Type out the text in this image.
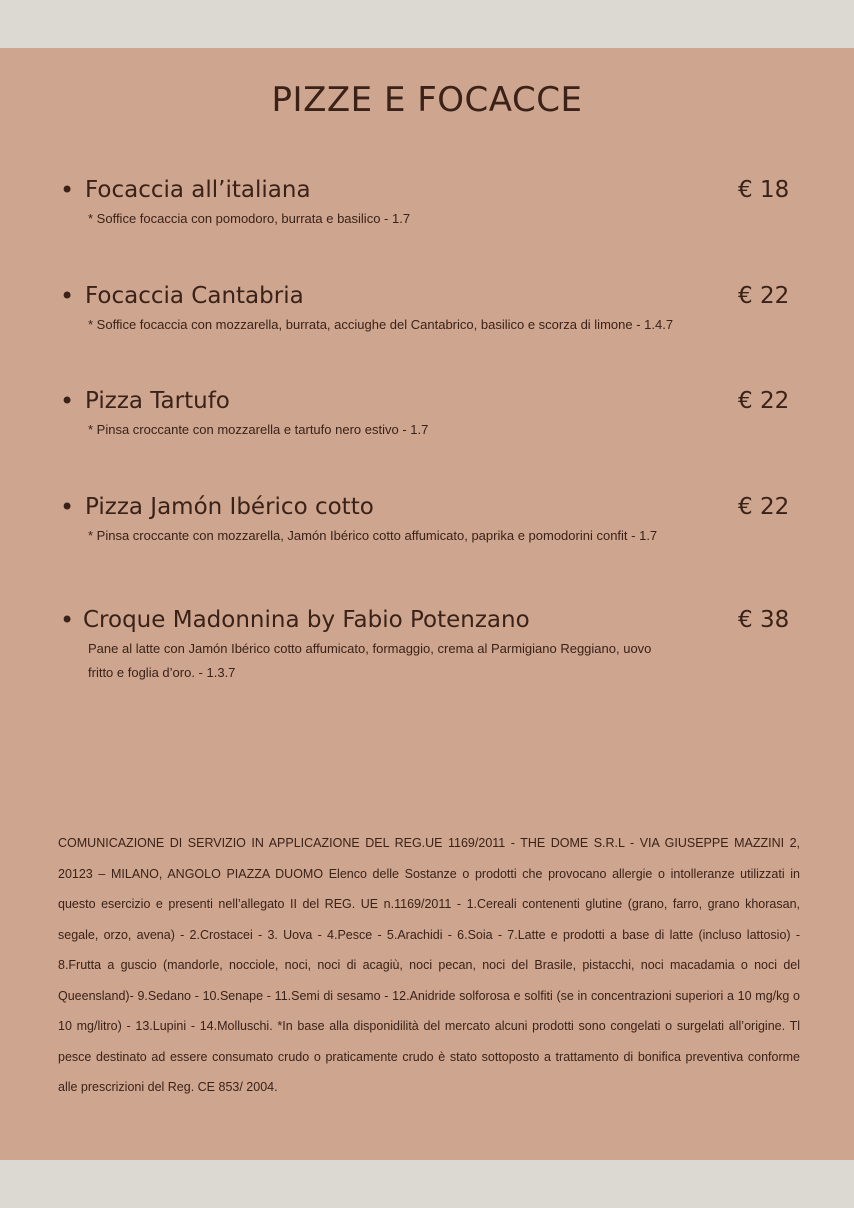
PIZZE E FOCACCE
• Focaccia all’italiana	€ 18
* Soffice focaccia con pomodoro, burrata e basilico - 1.7
• Focaccia Cantabria	€ 22
* Soffice focaccia con mozzarella, burrata, acciughe del Cantabrico, basilico e scorza di limone - 1.4.7
• Pizza Tartufo	€ 22
* Pinsa croccante con mozzarella e tartufo nero estivo - 1.7
• Pizza Jamón Ibérico cotto	€ 22
* Pinsa croccante con mozzarella, Jamón Ibérico cotto affumicato, paprika e pomodorini confit - 1.7
• Croque Madonnina by Fabio Potenzano	€ 38
Pane al latte con Jamón Ibérico cotto affumicato, formaggio, crema al Parmigiano Reggiano, uovo fritto e foglia d’oro. - 1.3.7
COMUNICAZIONE DI SERVIZIO IN APPLICAZIONE DEL REG.UE 1169/2011 - THE DOME S.R.L - VIA GIUSEPPE MAZZINI 2, 20123 – MILANO, ANGOLO PIAZZA DUOMO Elenco delle Sostanze o prodotti che provocano allergie o intolleranze utilizzati in questo esercizio e presenti nell’allegato II del REG. UE n.1169/2011 - 1.Cereali contenenti glutine (grano, farro, grano khorasan, segale, orzo, avena) - 2.Crostacei - 3. Uova - 4.Pesce - 5.Arachidi - 6.Soia - 7.Latte e prodotti a base di latte (incluso lattosio) - 8.Frutta a guscio (mandorle, nocciole, noci, noci di acagiù, noci pecan, noci del Brasile, pistacchi, noci macadamia o noci del Queensland)- 9.Sedano - 10.Senape - 11.Semi di sesamo - 12.Anidride solforosa e solfiti (se in concentrazioni superiori a 10 mg/kg o 10 mg/litro) - 13.Lupini - 14.Molluschi. *In base alla disponidilità del mercato alcuni prodotti sono congelati o surgelati all’origine. Tl pesce destinato ad essere consumato crudo o praticamente crudo è stato sottoposto a trattamento di bonifica preventiva conforme alle prescrizioni del Reg. CE 853/ 2004.
